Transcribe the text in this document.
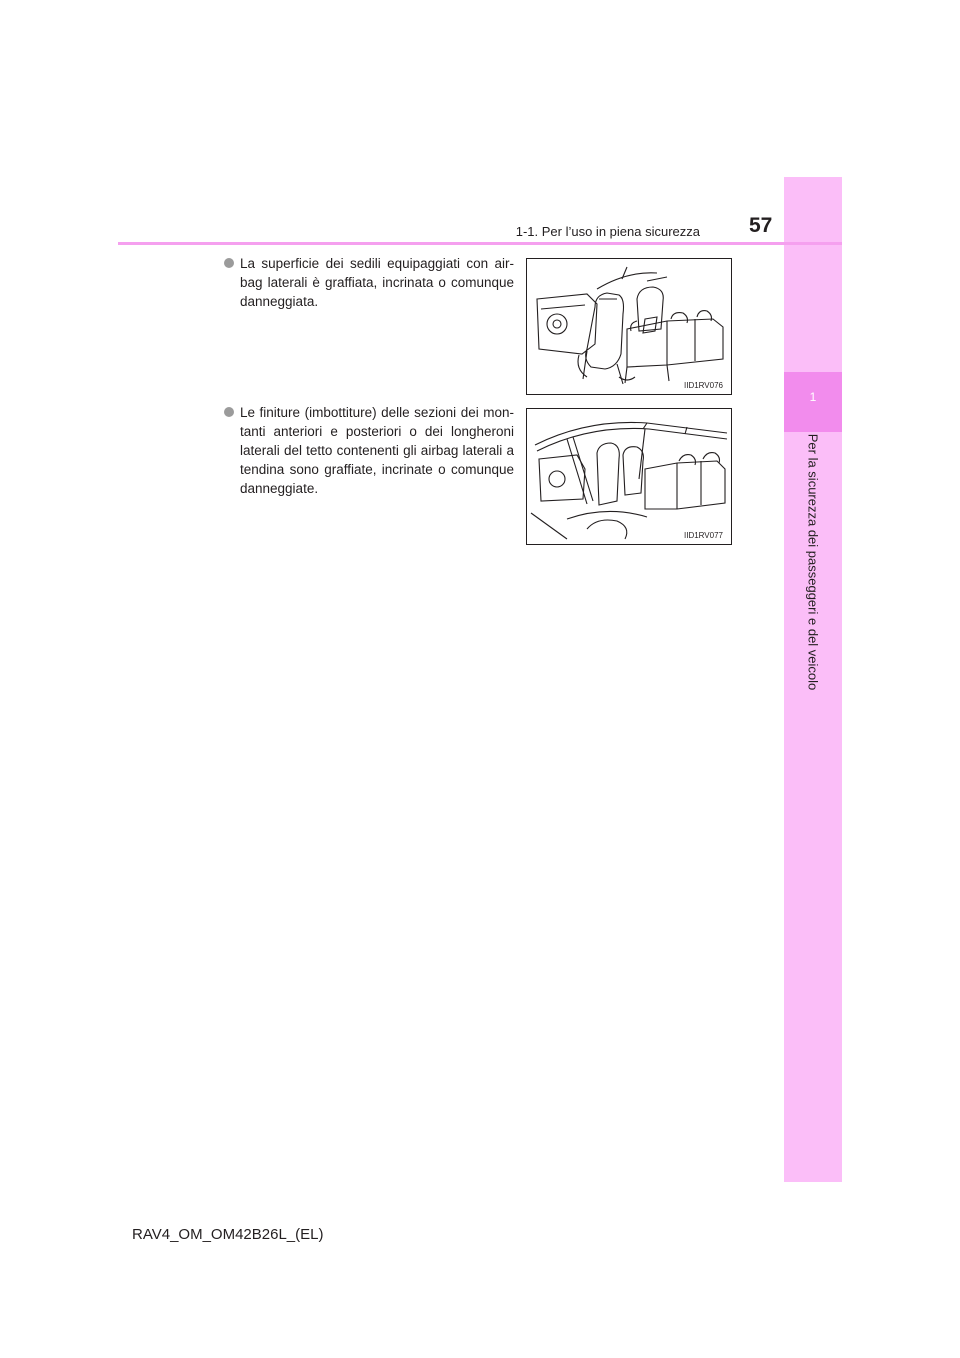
1
Per la sicurezza dei passeggeri e del veicolo
1-1. Per l’uso in piena sicurezza 57
La superficie dei sedili equipaggiati con air-bag laterali è graffiata, incrinata o comunque danneggiata.
IID1RV076
Le finiture (imbottiture) delle sezioni dei mon-tanti anteriori e posteriori o dei longheroni laterali del tetto contenenti gli airbag laterali a tendina sono graffiate, incrinate o comunque danneggiate.
IID1RV077
RAV4_OM_OM42B26L_(EL)
